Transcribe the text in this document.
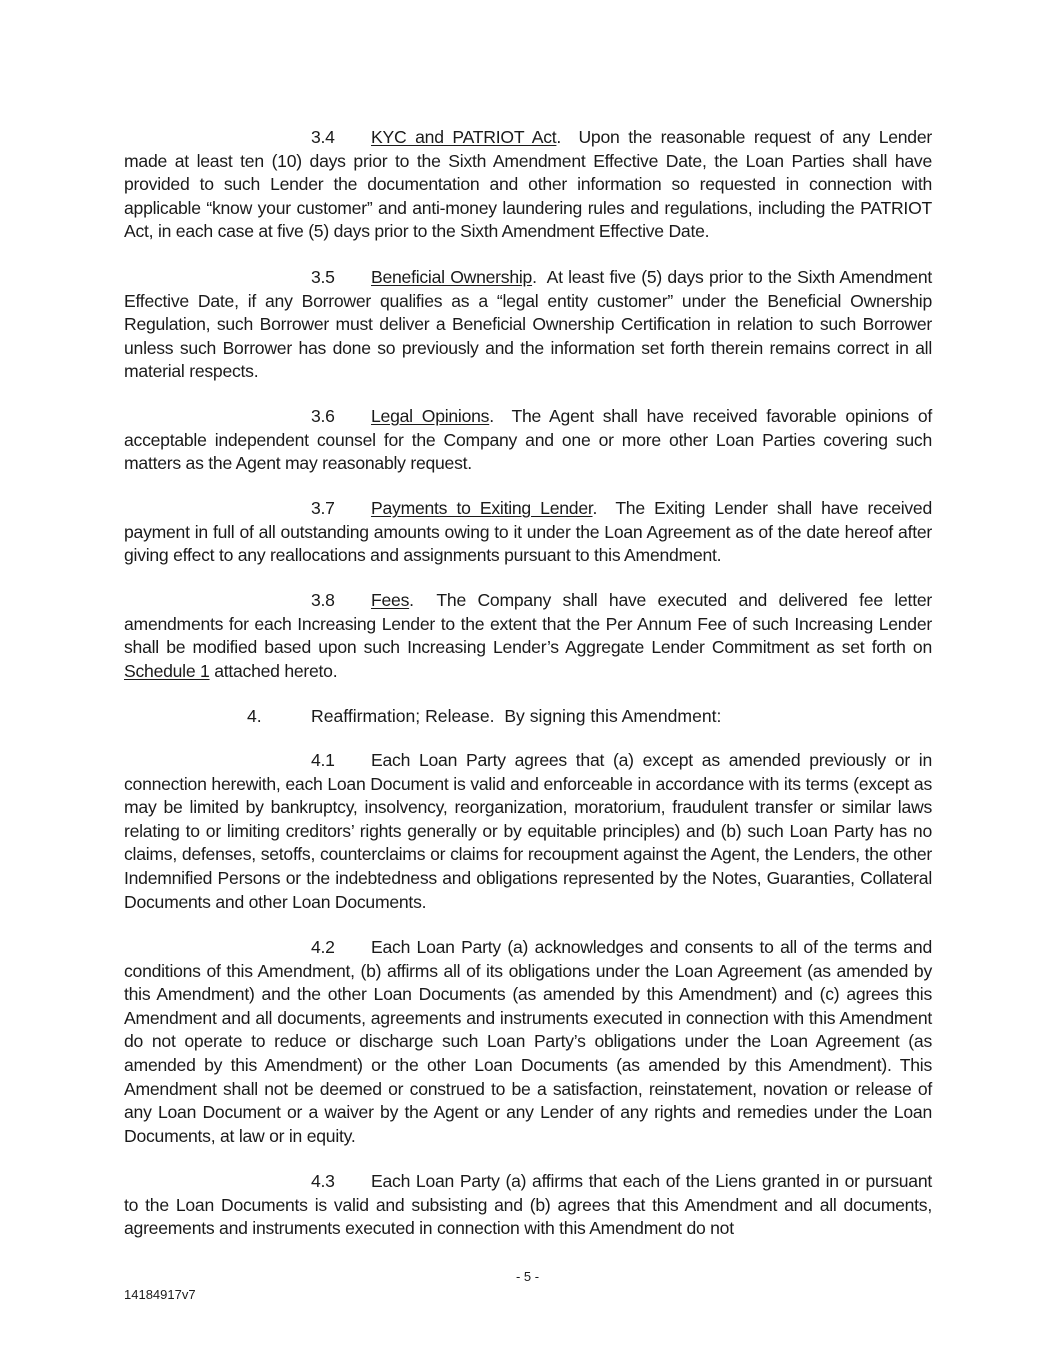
3.4 KYC and PATRIOT Act.  Upon the reasonable request of any Lender made at least ten (10) days prior to the Sixth Amendment Effective Date, the Loan Parties shall have provided to such Lender the documentation and other information so requested in connection with applicable “know your customer” and anti-money laundering rules and regulations, including the PATRIOT Act, in each case at five (5) days prior to the Sixth Amendment Effective Date.
3.5 Beneficial Ownership.  At least five (5) days prior to the Sixth Amendment Effective Date, if any Borrower qualifies as a “legal entity customer” under the Beneficial Ownership Regulation, such Borrower must deliver a Beneficial Ownership Certification in relation to such Borrower unless such Borrower has done so previously and the information set forth therein remains correct in all material respects.
3.6 Legal Opinions.  The Agent shall have received favorable opinions of acceptable independent counsel for the Company and one or more other Loan Parties covering such matters as the Agent may reasonably request.
3.7 Payments to Exiting Lender.  The Exiting Lender shall have received payment in full of all outstanding amounts owing to it under the Loan Agreement as of the date hereof after giving effect to any reallocations and assignments pursuant to this Amendment.
3.8 Fees.  The Company shall have executed and delivered fee letter amendments for each Increasing Lender to the extent that the Per Annum Fee of such Increasing Lender shall be modified based upon such Increasing Lender’s Aggregate Lender Commitment as set forth on Schedule 1 attached hereto.
4.	Reaffirmation; Release. By signing this Amendment:
4.1 Each Loan Party agrees that (a) except as amended previously or in connection herewith, each Loan Document is valid and enforceable in accordance with its terms (except as may be limited by bankruptcy, insolvency, reorganization, moratorium, fraudulent transfer or similar laws relating to or limiting creditors’ rights generally or by equitable principles) and (b) such Loan Party has no claims, defenses, setoffs, counterclaims or claims for recoupment against the Agent, the Lenders, the other Indemnified Persons or the indebtedness and obligations represented by the Notes, Guaranties, Collateral Documents and other Loan Documents.
4.2 Each Loan Party (a) acknowledges and consents to all of the terms and conditions of this Amendment, (b) affirms all of its obligations under the Loan Agreement (as amended by this Amendment) and the other Loan Documents (as amended by this Amendment) and (c) agrees this Amendment and all documents, agreements and instruments executed in connection with this Amendment do not operate to reduce or discharge such Loan Party’s obligations under the Loan Agreement (as amended by this Amendment) or the other Loan Documents (as amended by this Amendment). This Amendment shall not be deemed or construed to be a satisfaction, reinstatement, novation or release of any Loan Document or a waiver by the Agent or any Lender of any rights and remedies under the Loan Documents, at law or in equity.
4.3 Each Loan Party (a) affirms that each of the Liens granted in or pursuant to the Loan Documents is valid and subsisting and (b) agrees that this Amendment and all documents, agreements and instruments executed in connection with this Amendment do not
- 5 -
14184917v7
